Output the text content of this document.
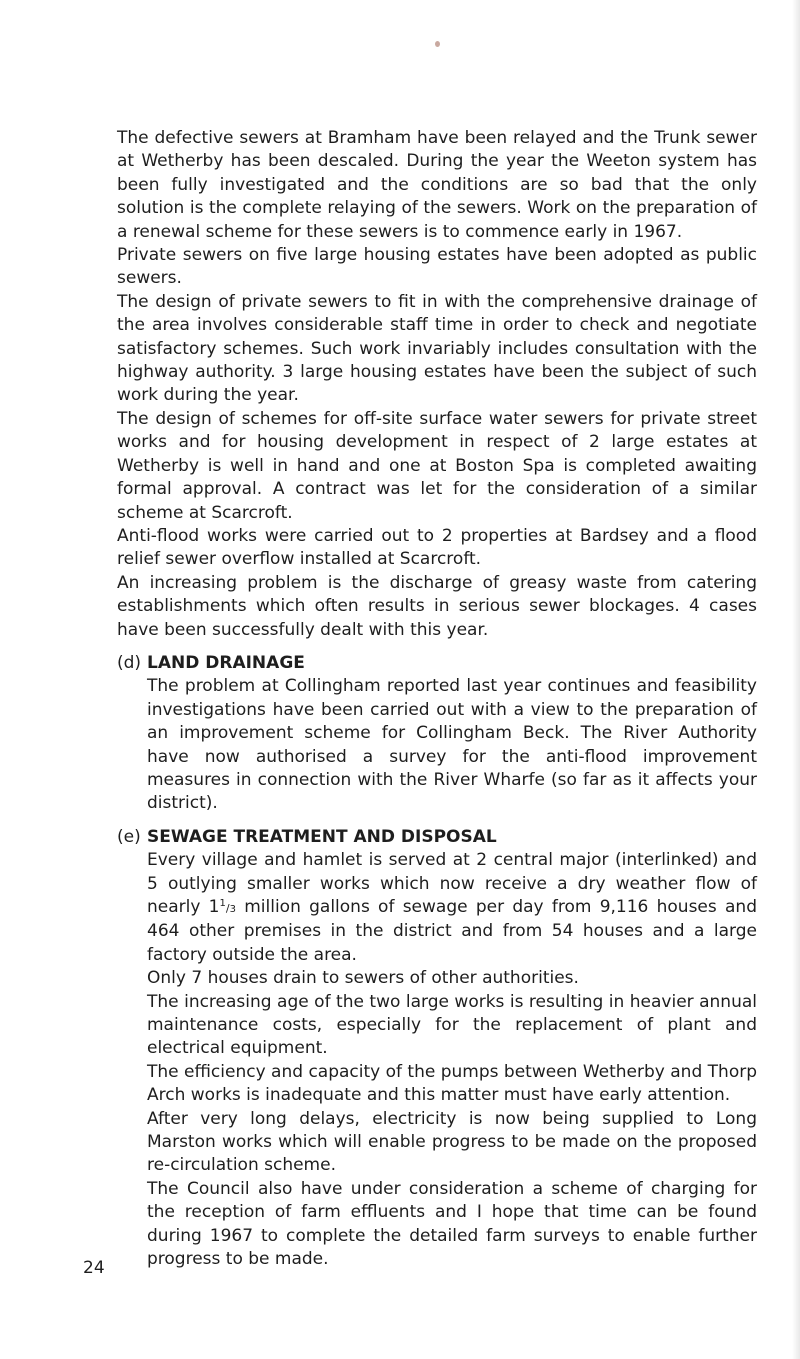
The defective sewers at Bramham have been relayed and the Trunk sewer at Wetherby has been descaled. During the year the Weeton system has been fully investigated and the conditions are so bad that the only solution is the complete relaying of the sewers. Work on the preparation of a renewal scheme for these sewers is to commence early in 1967.

Private sewers on five large housing estates have been adopted as public sewers.

The design of private sewers to fit in with the comprehensive drainage of the area involves considerable staff time in order to check and negotiate satisfactory schemes. Such work invariably includes consultation with the highway authority. 3 large housing estates have been the subject of such work during the year.

The design of schemes for off-site surface water sewers for private street works and for housing development in respect of 2 large estates at Wetherby is well in hand and one at Boston Spa is completed awaiting formal approval. A contract was let for the consideration of a similar scheme at Scarcroft.

Anti-flood works were carried out to 2 properties at Bardsey and a flood relief sewer overflow installed at Scarcroft.

An increasing problem is the discharge of greasy waste from catering establishments which often results in serious sewer blockages. 4 cases have been successfully dealt with this year.

(d) LAND DRAINAGE

The problem at Collingham reported last year continues and feasibility investigations have been carried out with a view to the preparation of an improvement scheme for Collingham Beck. The River Authority have now authorised a survey for the anti-flood improvement measures in connection with the River Wharfe (so far as it affects your district).

(e) SEWAGE TREATMENT AND DISPOSAL

Every village and hamlet is served at 2 central major (interlinked) and 5 outlying smaller works which now receive a dry weather flow of nearly $1^1/3$ million gallons of sewage per day from 9,116 houses and 464 other premises in the district and from 54 houses and a large factory outside the area.

Only 7 houses drain to sewers of other authorities.

The increasing age of the two large works is resulting in heavier annual maintenance costs, especially for the replacement of plant and electrical equipment.

The efficiency and capacity of the pumps between Wetherby and Thorp Arch works is inadequate and this matter must have early attention.

After very long delays, electricity is now being supplied to Long Marston works which will enable progress to be made on the proposed re-circulation scheme.

The Council also have under consideration a scheme of charging for the reception of farm effluents and I hope that time can be found during 1967 to complete the detailed farm surveys to enable further progress to be made.

24
